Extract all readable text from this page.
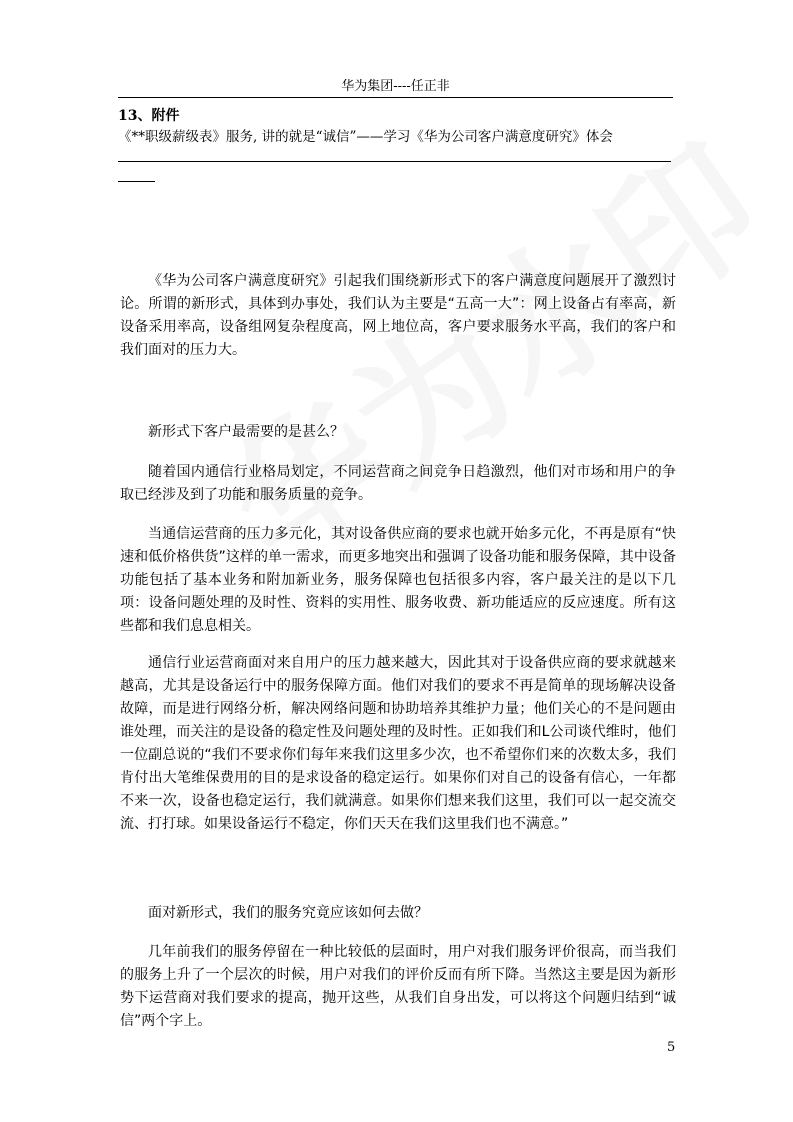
华为集团----任正非
13、附件
《**职级薪级表》服务, 讲的就是“诚信”——学习《华为公司客户满意度研究》体会
《华为公司客户满意度研究》引起我们围绕新形式下的客户满意度问题展开了激烈讨论。所谓的新形式，具体到办事处，我们认为主要是“五高一大”：网上设备占有率高，新设备采用率高，设备组网复杂程度高，网上地位高，客户要求服务水平高，我们的客户和我们面对的压力大。
新形式下客户最需要的是甚么？
随着国内通信行业格局划定，不同运营商之间竞争日趋激烈，他们对市场和用户的争取已经涉及到了功能和服务质量的竞争。
当通信运营商的压力多元化，其对设备供应商的要求也就开始多元化，不再是原有“快速和低价格供货”这样的单一需求，而更多地突出和强调了设备功能和服务保障，其中设备功能包括了基本业务和附加新业务，服务保障也包括很多内容，客户最关注的是以下几项：设备问题处理的及时性、资料的实用性、服务收费、新功能适应的反应速度。所有这些都和我们息息相关。
通信行业运营商面对来自用户的压力越来越大，因此其对于设备供应商的要求就越来越高，尤其是设备运行中的服务保障方面。他们对我们的要求不再是简单的现场解决设备故障，而是进行网络分析，解决网络问题和协助培养其维护力量；他们关心的不是问题由谁处理，而关注的是设备的稳定性及问题处理的及时性。正如我们和L公司谈代维时，他们一位副总说的“我们不要求你们每年来我们这里多少次，也不希望你们来的次数太多，我们肯付出大笔维保费用的目的是求设备的稳定运行。如果你们对自己的设备有信心，一年都不来一次，设备也稳定运行，我们就满意。如果你们想来我们这里，我们可以一起交流交流、打打球。如果设备运行不稳定，你们天天在我们这里我们也不满意。”
面对新形式，我们的服务究竟应该如何去做？
几年前我们的服务停留在一种比较低的层面时，用户对我们服务评价很高，而当我们的服务上升了一个层次的时候，用户对我们的评价反而有所下降。当然这主要是因为新形势下运营商对我们要求的提高，抛开这些，从我们自身出发，可以将这个问题归结到“诚信”两个字上。
5
